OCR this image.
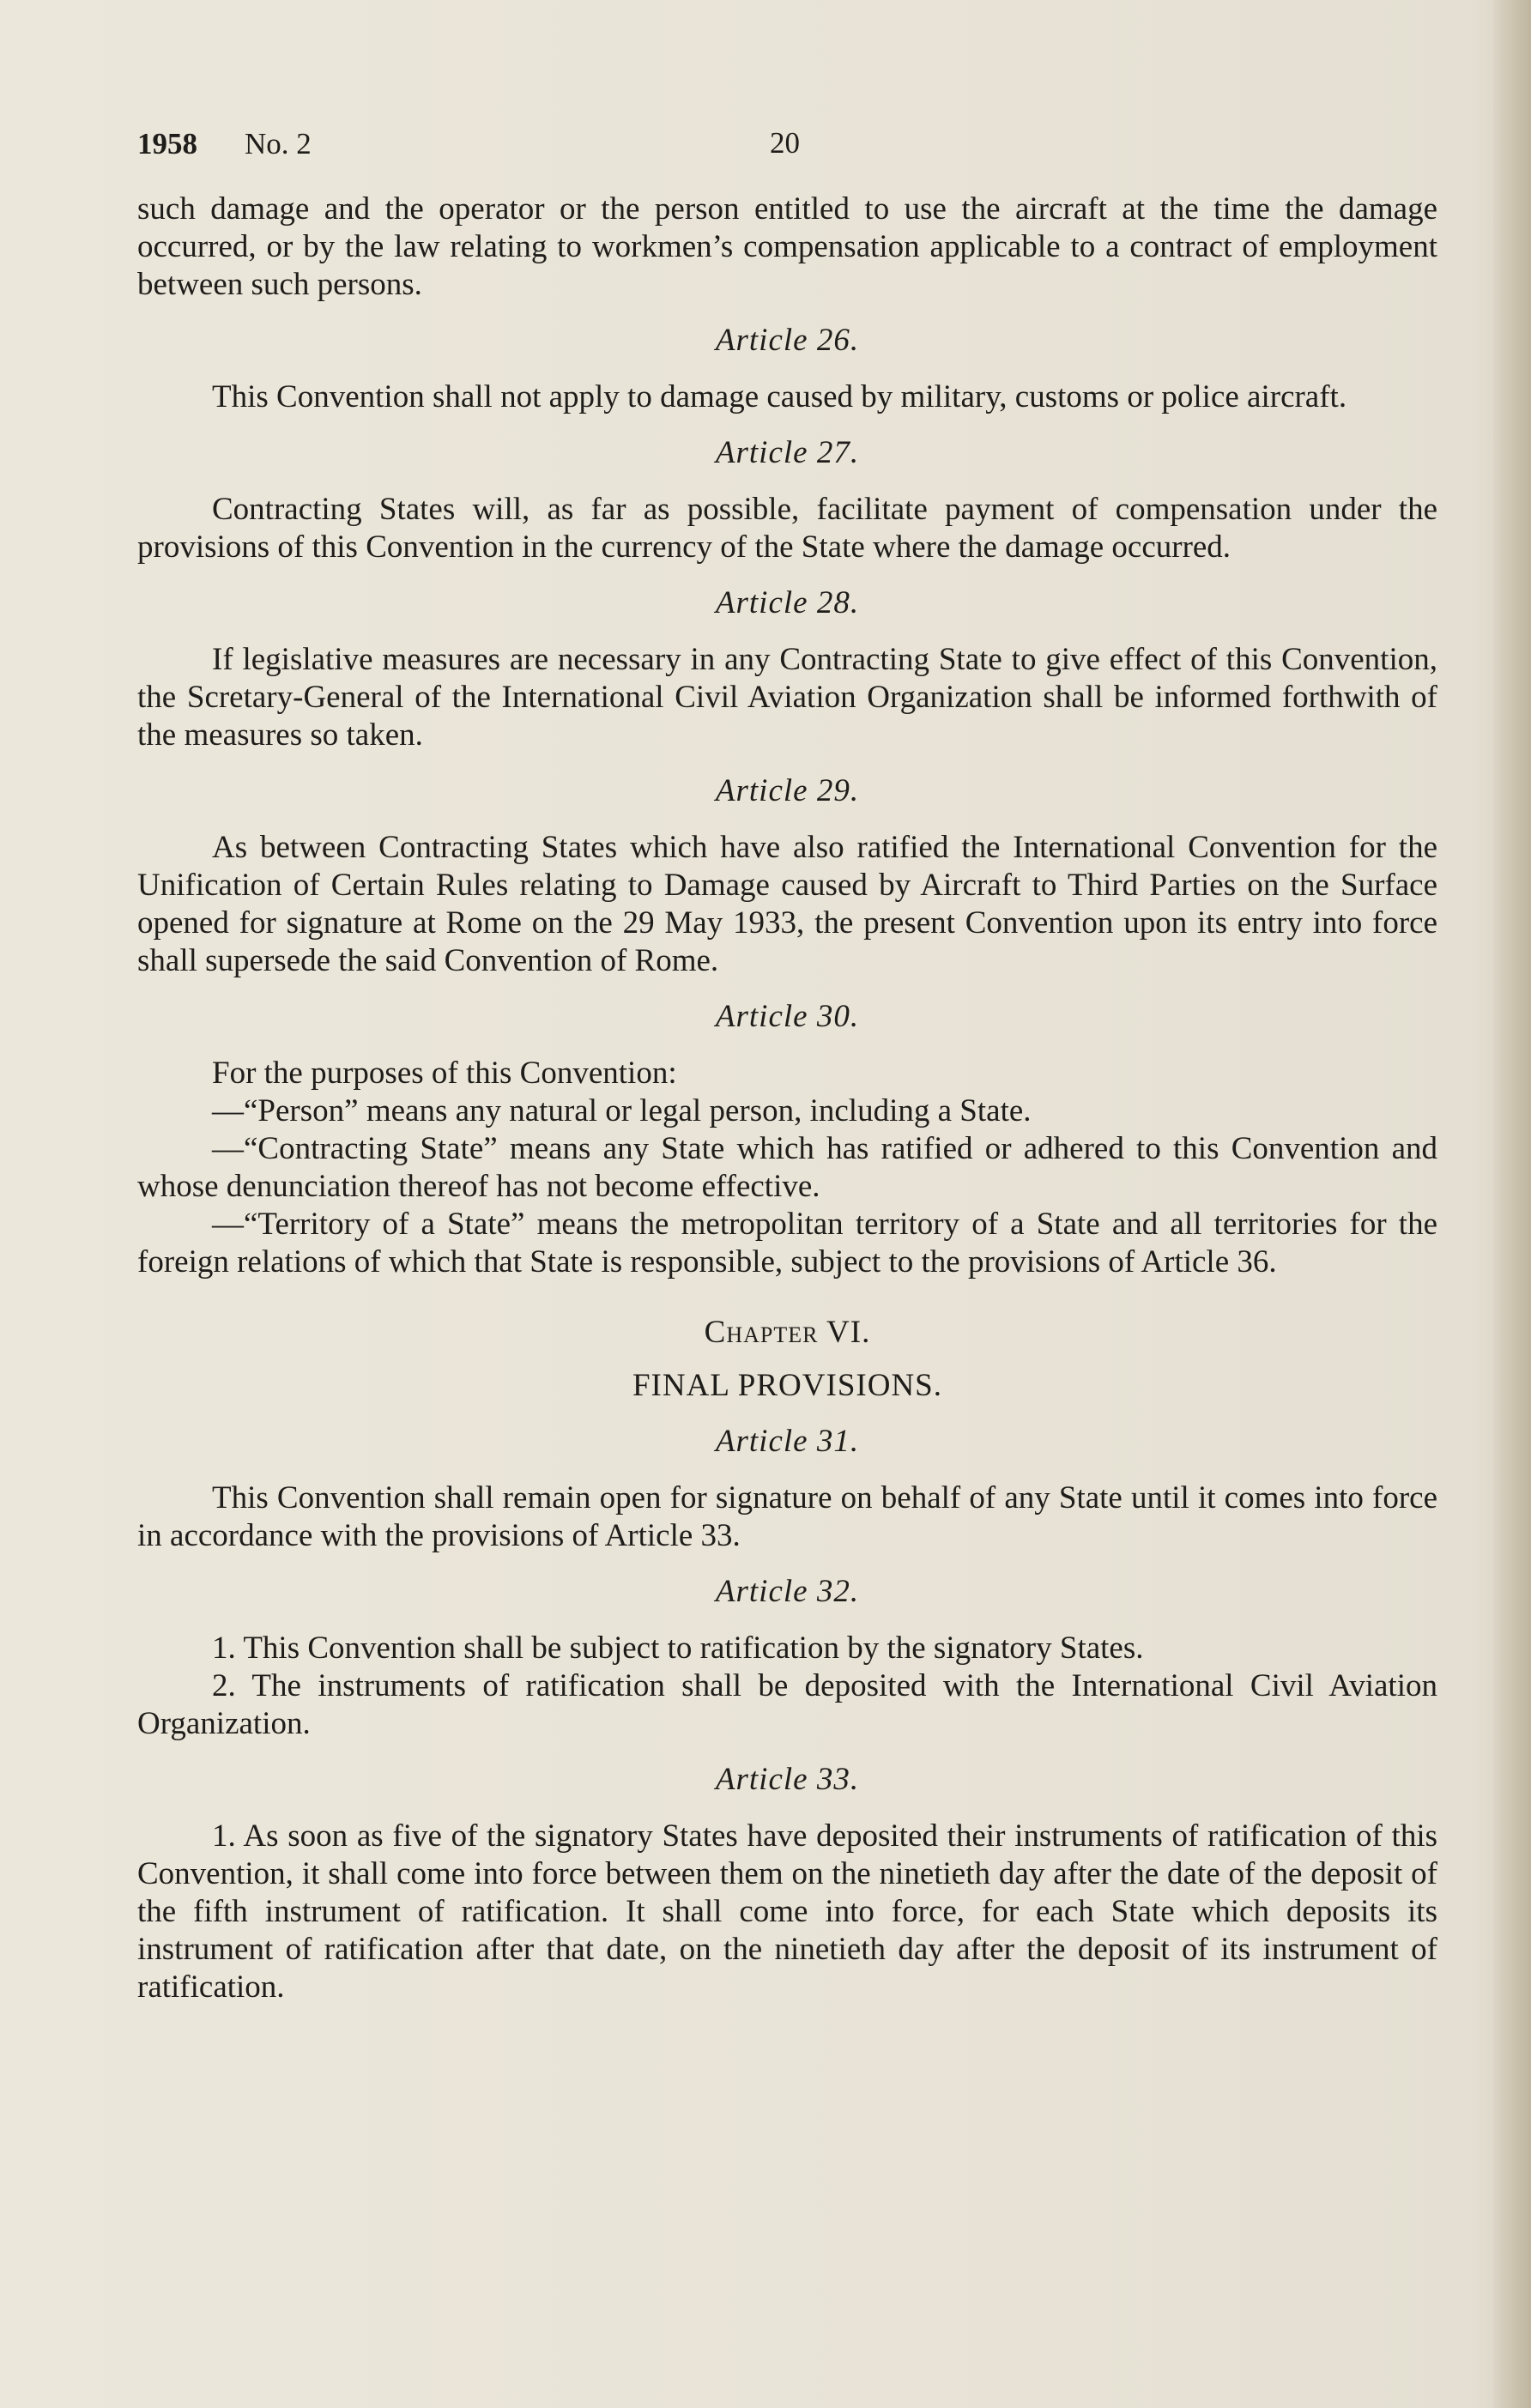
1958 No. 2	20

such damage and the operator or the person entitled to use the aircraft at the time the damage occurred, or by the law relating to workmen’s compensation applicable to a contract of employment between such persons.

Article 26.

This Convention shall not apply to damage caused by military, customs or police aircraft.

Article 27.

Contracting States will, as far as possible, facilitate payment of compensation under the provisions of this Convention in the currency of the State where the damage occurred.

Article 28.

If legislative measures are necessary in any Contracting State to give effect of this Convention, the Scretary-General of the International Civil Aviation Organization shall be informed forthwith of the measures so taken.

Article 29.

As between Contracting States which have also ratified the International Convention for the Unification of Certain Rules relating to Damage caused by Aircraft to Third Parties on the Surface opened for signature at Rome on the 29 May 1933, the present Convention upon its entry into force shall supersede the said Convention of Rome.

Article 30.

For the purposes of this Convention:

—“Person” means any natural or legal person, including a State.

—“Contracting State” means any State which has ratified or adhered to this Convention and whose denunciation thereof has not become effective.

—“Territory of a State” means the metropolitan territory of a State and all territories for the foreign relations of which that State is responsible, subject to the provisions of Article 36.

Chapter VI.
FINAL PROVISIONS.
Article 31.

This Convention shall remain open for signature on behalf of any State until it comes into force in accordance with the provisions of Article 33.

Article 32.

1. This Convention shall be subject to ratification by the signatory States.

2. The instruments of ratification shall be deposited with the International Civil Aviation Organization.

Article 33.

1. As soon as five of the signatory States have deposited their instruments of ratification of this Convention, it shall come into force between them on the ninetieth day after the date of the deposit of the fifth instrument of ratification. It shall come into force, for each State which deposits its instrument of ratification after that date, on the ninetieth day after the deposit of its instrument of ratification.
